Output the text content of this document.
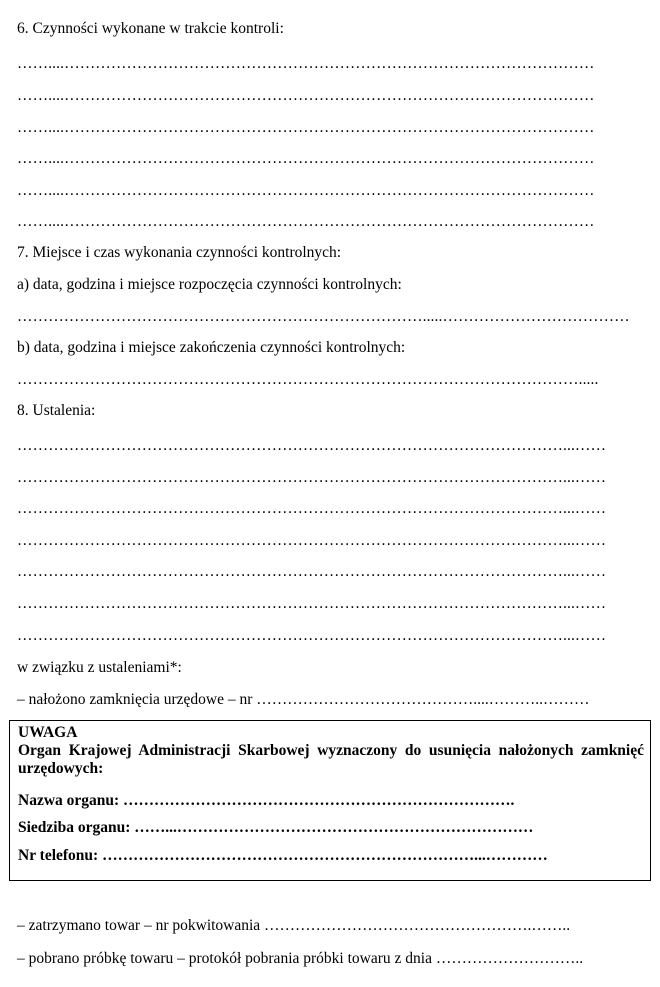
6. Czynności wykonane w trakcie kontroli:
……....…………………………………………………………………………………………
……....…………………………………………………………………………………………
……....…………………………………………………………………………………………
……....…………………………………………………………………………………………
……....…………………………………………………………………………………………
……....…………………………………………………………………………………………
7. Miejsce i czas wykonania czynności kontrolnych:
a) data, godzina i miejsce rozpoczęcia czynności kontrolnych:
…………………………………………………………………….....………………………………
b) data, godzina i miejsce zakończenia czynności kontrolnych:
……………………………………………………………………………………………….....
8. Ustalenia:
……………………………………………………………………………………………...……
……………………………………………………………………………………………...……
……………………………………………………………………………………………...……
……………………………………………………………………………………………...……
……………………………………………………………………………………………...……
……………………………………………………………………………………………...……
……………………………………………………………………………………………...……
w związku z ustaleniami*:
– nałożono zamknięcia urzędowe – nr ……………………………………....………..………
UWAGA
Organ Krajowej Administracji Skarbowej wyznaczony do usunięcia nałożonych zamknięć urzędowych:
Nazwa organu: ………………………………………………………………….
Siedziba organu: ……...……………………………………………………………
Nr telefonu: ………………………………………………………………...…………
– zatrzymano towar – nr pokwitowania …………………………………………….……..
– pobrano próbkę towaru – protokół pobrania próbki towaru z dnia ………………………..
